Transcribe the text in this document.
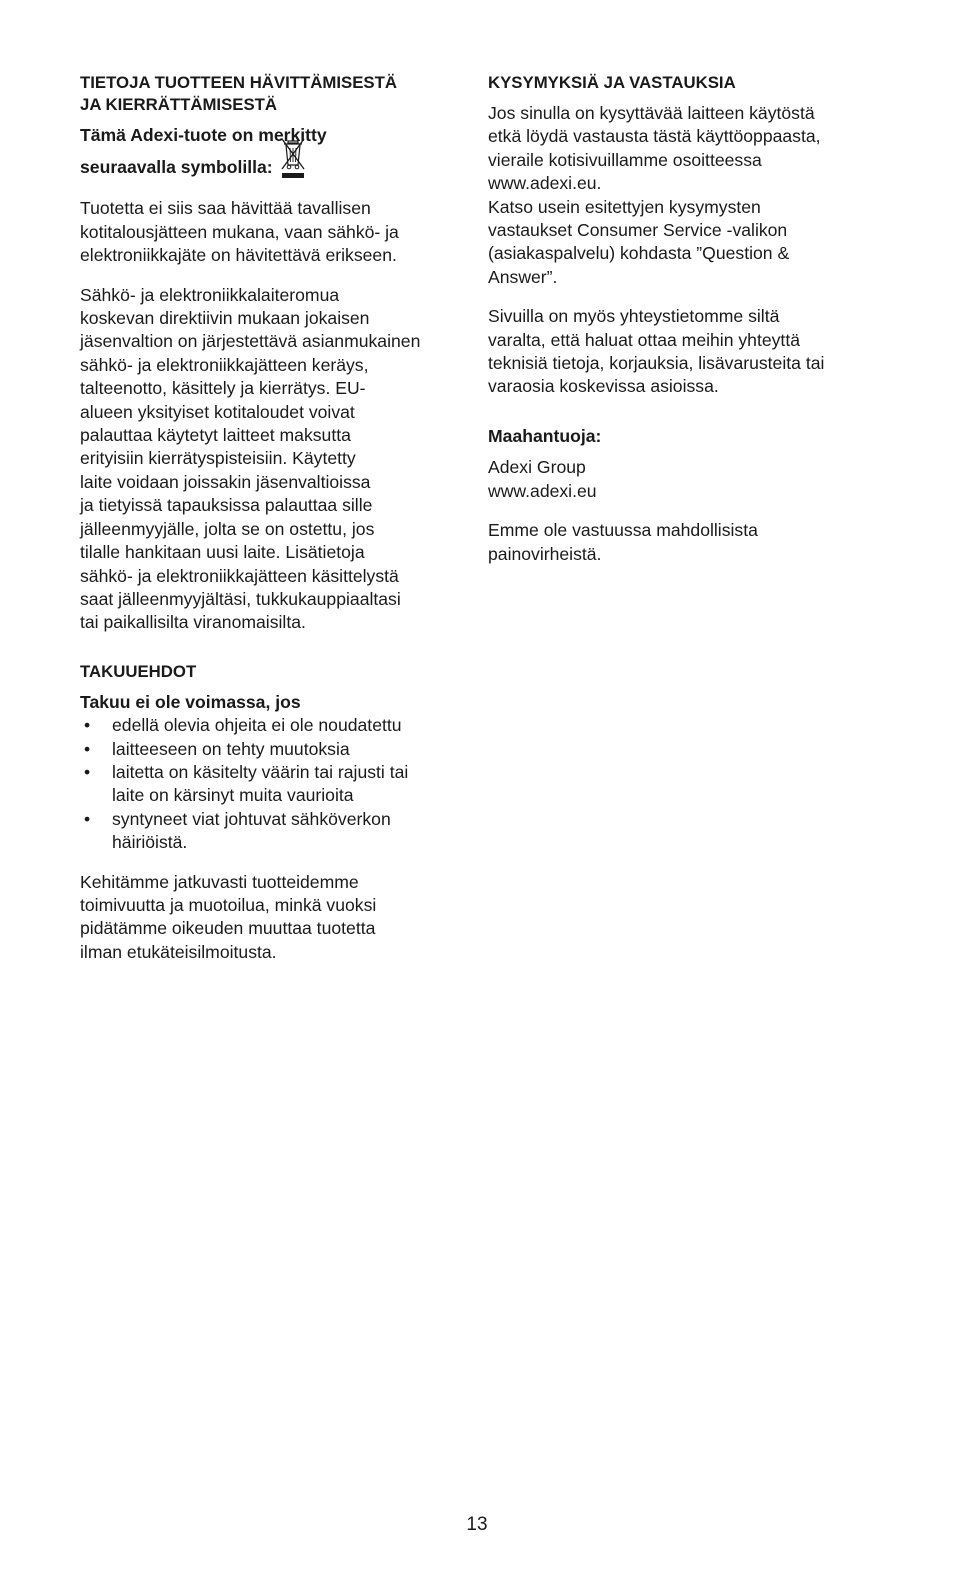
TIETOJA TUOTTEEN HÄVITTÄMISESTÄ
JA KIERRÄTTÄMISESTÄ

Tämä Adexi-tuote on merkitty

seuraavalla symbolilla:

Tuotetta ei siis saa hävittää tavallisen
kotitalousjätteen mukana, vaan sähkö- ja
elektroniikkajäte on hävitettävä erikseen.

Sähkö- ja elektroniikkalaiteromua
koskevan direktiivin mukaan jokaisen
jäsenvaltion on järjestettävä asianmukainen
sähkö- ja elektroniikkajätteen keräys,
talteenotto, käsittely ja kierrätys. EU-
alueen yksityiset kotitaloudet voivat
palauttaa käytetyt laitteet maksutta
erityisiin kierrätyspisteisiin. Käytetty
laite voidaan joissakin jäsenvaltioissa
ja tietyissä tapauksissa palauttaa sille
jälleenmyyjälle, jolta se on ostettu, jos
tilalle hankitaan uusi laite. Lisätietoja
sähkö- ja elektroniikkajätteen käsittelystä
saat jälleenmyyjältäsi, tukkukauppiaaltasi
tai paikallisilta viranomaisilta.

TAKUUEHDOT

Takuu ei ole voimassa, jos

• edellä olevia ohjeita ei ole noudatettu
• laitteeseen on tehty muutoksia
• laitetta on käsitelty väärin tai rajusti tai
laite on kärsinyt muita vaurioita
• syntyneet viat johtuvat sähköverkon
häiriöistä.

Kehitämme jatkuvasti tuotteidemme
toimivuutta ja muotoilua, minkä vuoksi
pidätämme oikeuden muuttaa tuotetta
ilman etukäteisilmoitusta.

KYSYMYKSIÄ JA VASTAUKSIA

Jos sinulla on kysyttävää laitteen käytöstä
etkä löydä vastausta tästä käyttöoppaasta,
vieraile kotisivuillamme osoitteessa
www.adexi.eu.
Katso usein esitettyjen kysymysten
vastaukset Consumer Service -valikon
(asiakaspalvelu) kohdasta ”Question &
Answer”.

Sivuilla on myös yhteystietomme siltä
varalta, että haluat ottaa meihin yhteyttä
teknisiä tietoja, korjauksia, lisävarusteita tai
varaosia koskevissa asioissa.

Maahantuoja:

Adexi Group
www.adexi.eu

Emme ole vastuussa mahdollisista
painovirheistä.

13
